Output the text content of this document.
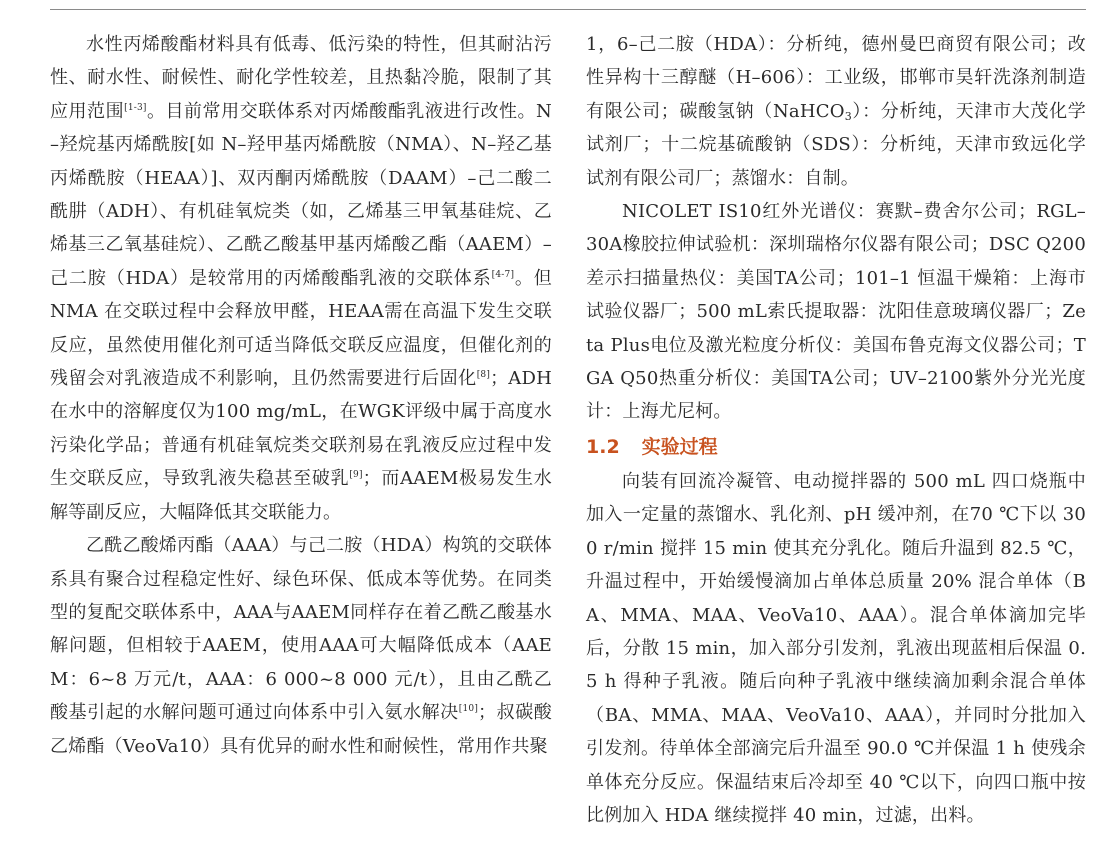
水性丙烯酸酯材料具有低毒、低污染的特性，但其耐沾污性、耐水性、耐候性、耐化学性较差，且热黏冷脆，限制了其应用范围[1-3]。目前常用交联体系对丙烯酸酯乳液进行改性。N–羟烷基丙烯酰胺[如 N–羟甲基丙烯酰胺（NMA）、N–羟乙基丙烯酰胺（HEAA）]、双丙酮丙烯酰胺（DAAM）–己二酸二酰肼（ADH）、有机硅氧烷类（如，乙烯基三甲氧基硅烷、乙烯基三乙氧基硅烷）、乙酰乙酸基甲基丙烯酸乙酯（AAEM）–己二胺（HDA）是较常用的丙烯酸酯乳液的交联体系[4-7]。但 NMA 在交联过程中会释放甲醛，HEAA需在高温下发生交联反应，虽然使用催化剂可适当降低交联反应温度，但催化剂的残留会对乳液造成不利影响，且仍然需要进行后固化[8]；ADH在水中的溶解度仅为100 mg/mL，在WGK评级中属于高度水污染化学品；普通有机硅氧烷类交联剂易在乳液反应过程中发生交联反应，导致乳液失稳甚至破乳[9]；而AAEM极易发生水解等副反应，大幅降低其交联能力。

乙酰乙酸烯丙酯（AAA）与己二胺（HDA）构筑的交联体系具有聚合过程稳定性好、绿色环保、低成本等优势。在同类型的复配交联体系中，AAA与AAEM同样存在着乙酰乙酸基水解问题，但相较于AAEM，使用AAA可大幅降低成本（AAEM：6~8 万元/t，AAA：6 000~8 000 元/t），且由乙酰乙酸基引起的水解问题可通过向体系中引入氨水解决[10]；叔碳酸乙烯酯（VeoVa10）具有优异的耐水性和耐候性，常用作共聚

1，6–己二胺（HDA）：分析纯，德州曼巴商贸有限公司；改性异构十三醇醚（H–606）：工业级，邯郸市昊轩洗涤剂制造有限公司；碳酸氢钠（NaHCO$_3$）：分析纯，天津市大茂化学试剂厂；十二烷基硫酸钠（SDS）：分析纯，天津市致远化学试剂有限公司厂；蒸馏水：自制。

NICOLET IS10红外光谱仪：赛默–费舍尔公司；RGL–30A橡胶拉伸试验机：深圳瑞格尔仪器有限公司；DSC Q200差示扫描量热仪：美国TA公司；101–1 恒温干燥箱：上海市试验仪器厂；500 mL索氏提取器：沈阳佳意玻璃仪器厂；Zeta Plus电位及激光粒度分析仪：美国布鲁克海文仪器公司；TGA Q50热重分析仪：美国TA公司；UV–2100紫外分光光度计：上海尤尼柯。

1.2 实验过程

向装有回流冷凝管、电动搅拌器的 500 mL 四口烧瓶中加入一定量的蒸馏水、乳化剂、pH 缓冲剂，在70 ℃下以 300 r/min 搅拌 15 min 使其充分乳化。随后升温到 82.5 ℃，升温过程中，开始缓慢滴加占单体总质量 20% 混合单体（BA、MMA、MAA、VeoVa10、AAA）。混合单体滴加完毕后，分散 15 min，加入部分引发剂，乳液出现蓝相后保温 0.5 h 得种子乳液。随后向种子乳液中继续滴加剩余混合单体（BA、MMA、MAA、VeoVa10、AAA），并同时分批加入引发剂。待单体全部滴完后升温至 90.0 ℃并保温 1 h 使残余单体充分反应。保温结束后冷却至 40 ℃以下，向四口瓶中按比例加入 HDA 继续搅拌 40 min，过滤，出料。
